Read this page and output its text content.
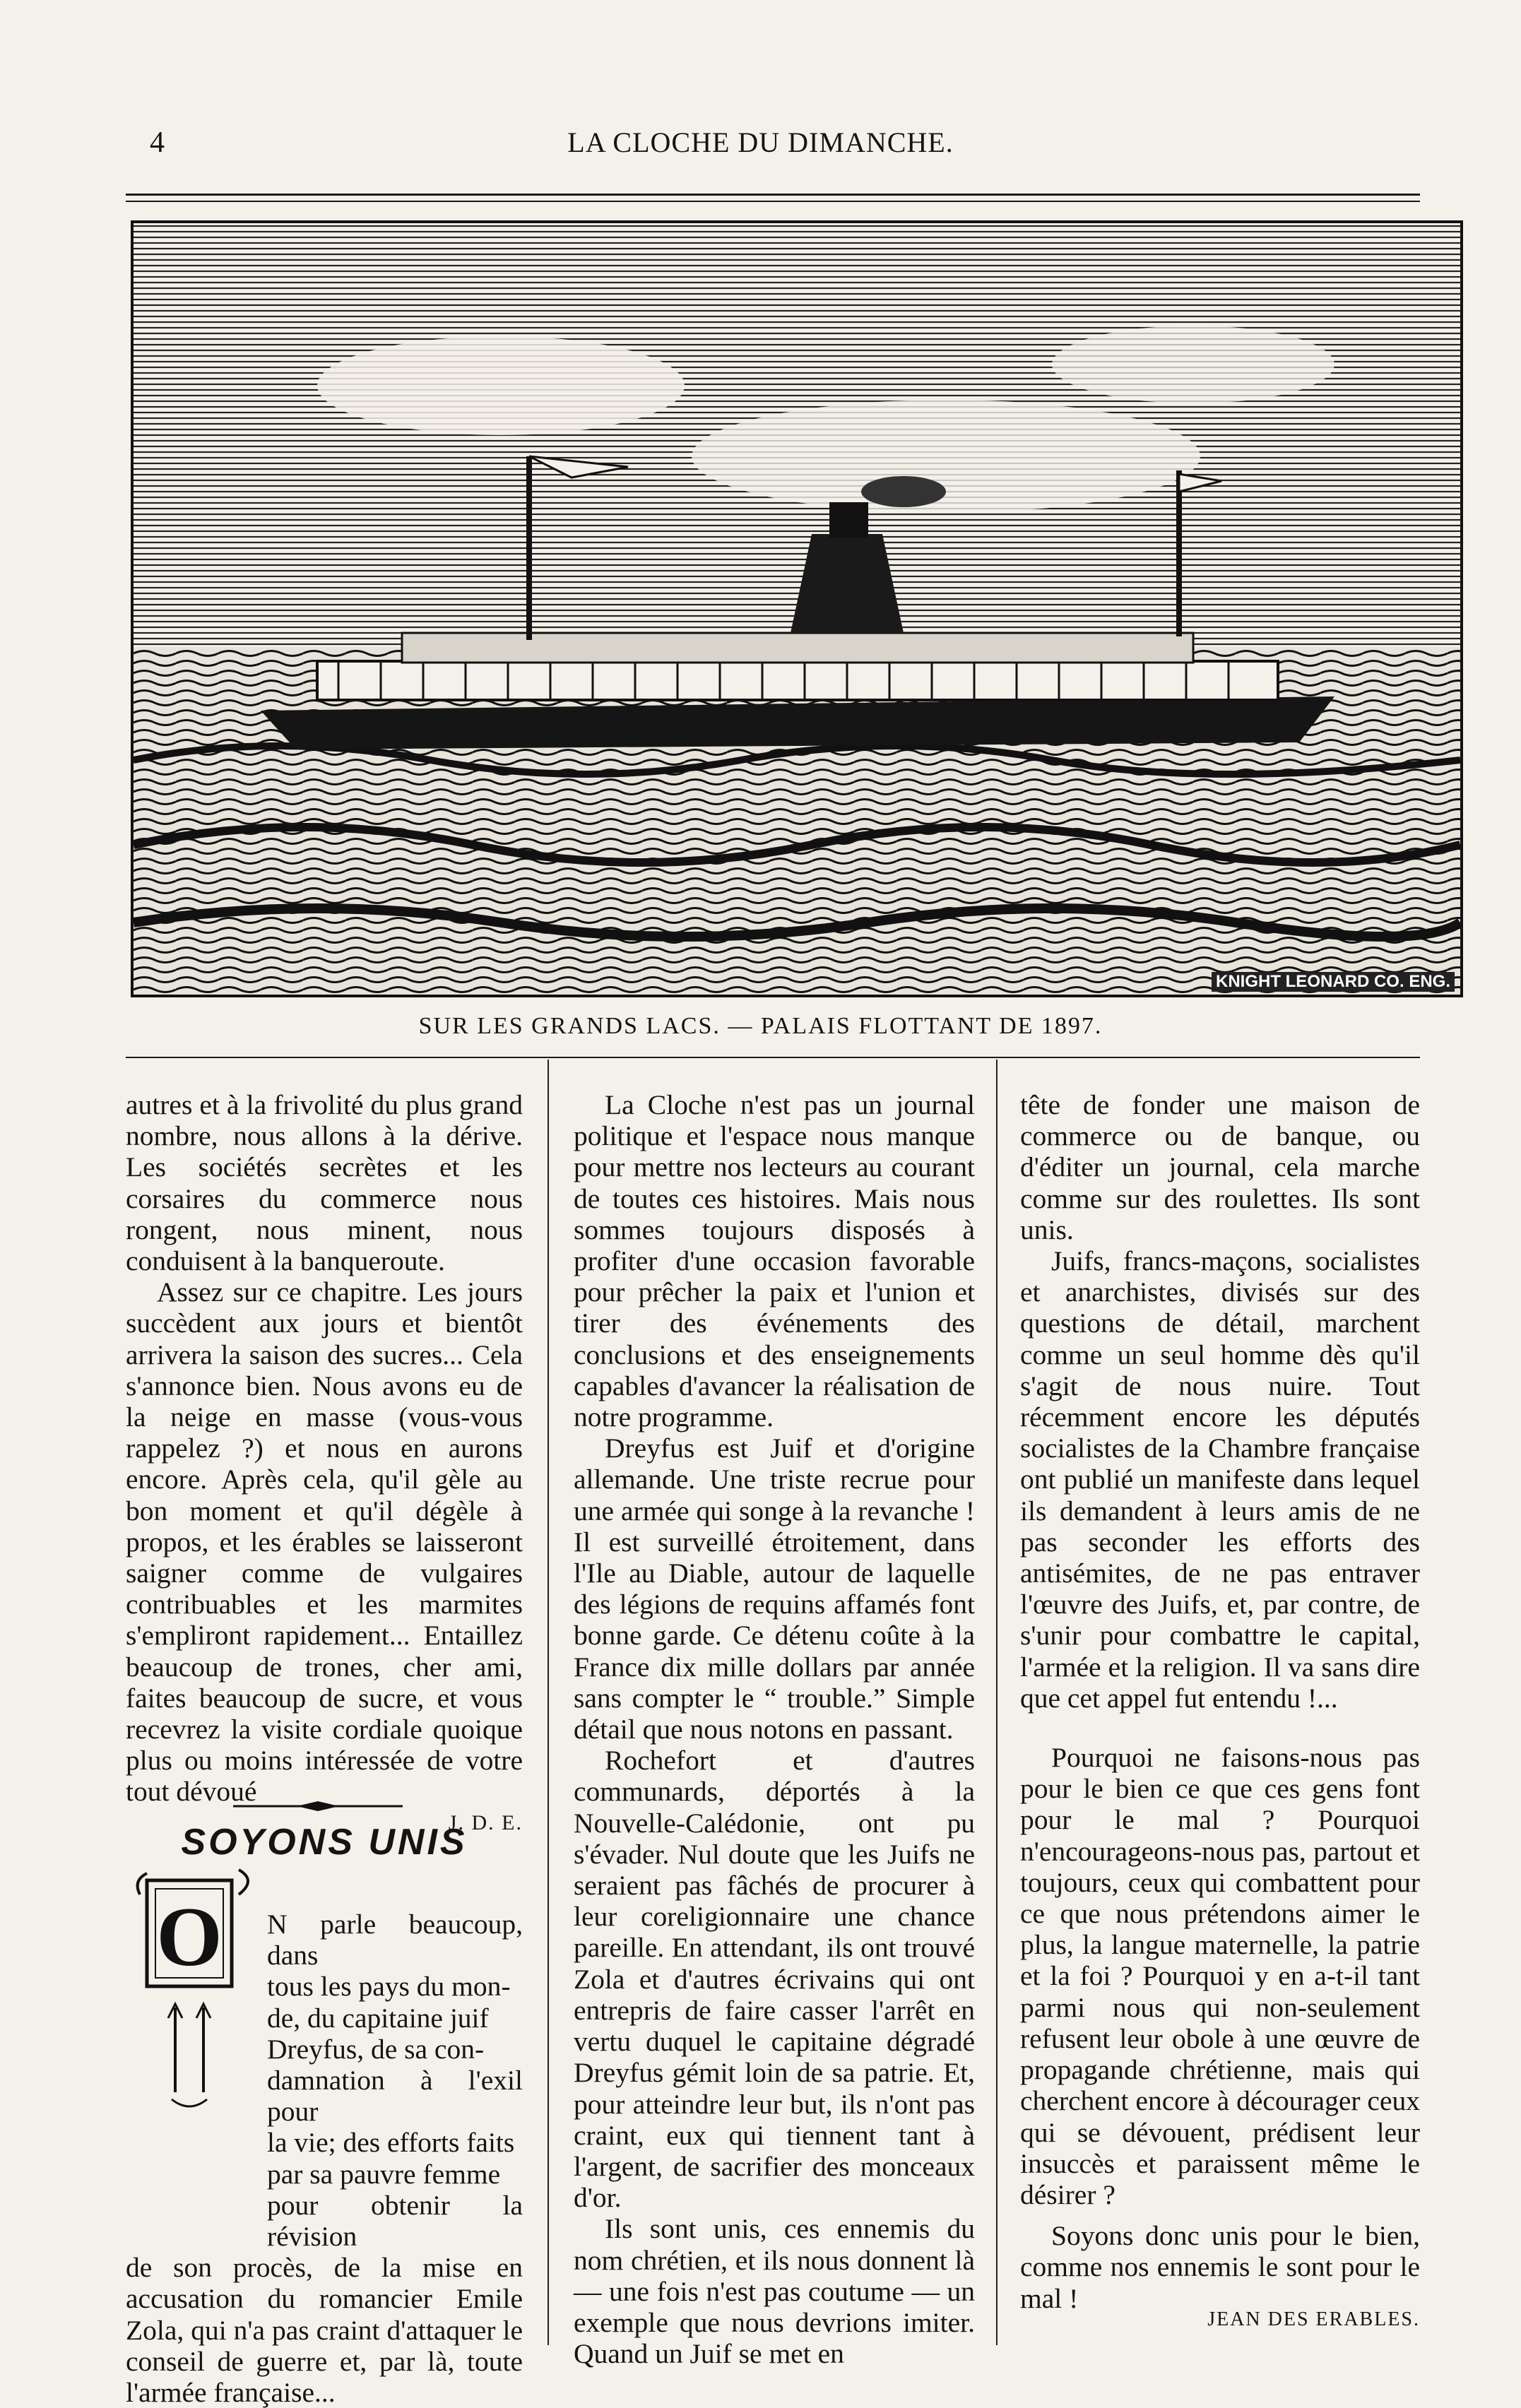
4	LA CLOCHE DU DIMANCHE.
KNIGHT LEONARD CO. ENG.
SUR LES GRANDS LACS. — PALAIS FLOTTANT DE 1897.

autres et à la frivolité du plus grand nombre, nous allons à la dérive. Les sociétés secrètes et les corsaires du commerce nous rongent, nous minent, nous conduisent à la banqueroute.

Assez sur ce chapitre. Les jours succèdent aux jours et bientôt arrivera la saison des sucres... Cela s'annonce bien. Nous avons eu de la neige en masse (vous-vous rappelez ?) et nous en aurons encore. Après cela, qu'il gèle au bon moment et qu'il dégèle à propos, et les érables se laisseront saigner comme de vulgaires contribuables et les marmites s'empliront rapidement... Entaillez beaucoup de trones, cher ami, faites beaucoup de sucre, et vous recevrez la visite cordiale quoique plus ou moins intéressée de votre tout dévoué

J. D. E.

SOYONS UNIS
O	N parle beaucoup, dans
tous les pays du mon-
de, du capitaine juif
Dreyfus, de sa con-
damnation à l'exil pour
la vie; des efforts faits
par sa pauvre femme
pour obtenir la révision
de son procès, de la mise en accusation du romancier Emile Zola, qui n'a pas craint d'attaquer le conseil de guerre et, par là, toute l'armée française...

La Cloche n'est pas un journal politique et l'espace nous manque pour mettre nos lecteurs au courant de toutes ces histoires. Mais nous sommes toujours disposés à profiter d'une occasion favorable pour prêcher la paix et l'union et tirer des événements des conclusions et des enseignements capables d'avancer la réalisation de notre programme.

Dreyfus est Juif et d'origine allemande. Une triste recrue pour une armée qui songe à la revanche ! Il est surveillé étroitement, dans l'Ile au Diable, autour de laquelle des légions de requins affamés font bonne garde. Ce détenu coûte à la France dix mille dollars par année sans compter le “ trouble.” Simple détail que nous notons en passant.

Rochefort et d'autres communards, déportés à la Nouvelle-Calédonie, ont pu s'évader. Nul doute que les Juifs ne seraient pas fâchés de procurer à leur coreligionnaire une chance pareille. En attendant, ils ont trouvé Zola et d'autres écrivains qui ont entrepris de faire casser l'arrêt en vertu duquel le capitaine dégradé Dreyfus gémit loin de sa patrie. Et, pour atteindre leur but, ils n'ont pas craint, eux qui tiennent tant à l'argent, de sacrifier des monceaux d'or.

Ils sont unis, ces ennemis du nom chrétien, et ils nous donnent là — une fois n'est pas coutume — un exemple que nous devrions imiter. Quand un Juif se met en

tête de fonder une maison de commerce ou de banque, ou d'éditer un journal, cela marche comme sur des roulettes. Ils sont unis.

Juifs, francs-maçons, socialistes et anarchistes, divisés sur des questions de détail, marchent comme un seul homme dès qu'il s'agit de nous nuire. Tout récemment encore les députés socialistes de la Chambre française ont publié un manifeste dans lequel ils demandent à leurs amis de ne pas seconder les efforts des antisémites, de ne pas entraver l'œuvre des Juifs, et, par contre, de s'unir pour combattre le capital, l'armée et la religion. Il va sans dire que cet appel fut entendu !...

Pourquoi ne faisons-nous pas pour le bien ce que ces gens font pour le mal ? Pourquoi n'encourageons-nous pas, partout et toujours, ceux qui combattent pour ce que nous prétendons aimer le plus, la langue maternelle, la patrie et la foi ? Pourquoi y en a-t-il tant parmi nous qui non-seulement refusent leur obole à une œuvre de propagande chrétienne, mais qui cherchent encore à décourager ceux qui se dévouent, prédisent leur insuccès et paraissent même le désirer ?

Soyons donc unis pour le bien, comme nos ennemis le sont pour le mal !

JEAN DES ERABLES.
